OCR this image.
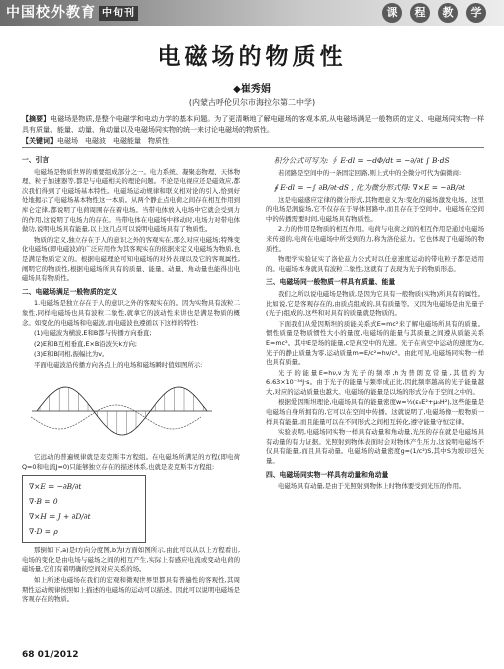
中国校外教育 中旬刊	课	程	教	学
电磁场的物质性
◆崔秀娟
(内蒙古呼伦贝尔市海拉尔第二中学)
【摘要】电磁场是物质,是整个电磁学和电动力学的基本问题。为了更清晰地了解电磁场的客观本质,从电磁场满足一般物质的定义、电磁场同实物一样具有质量、能量、动量、角动量以及电磁场同实物的统一来讨论电磁场的物质性。
【关键词】电磁场　电磁波　电磁能量　物质性
一、引言

电磁场是物质世界的重要组成部分之一。电力系统、凝聚态物理、天体物理、粒子加速器等,都是与电磁相关的理论问题。不论是电视应还是磁效应,都次我们得到了电磁场基本特性。电磁场运动规律和联义相对论的引入,恰到好处地揭示了电磁场基本物性这一本质。从两个静止点电荷之间存在相互作用到库仑定律,都说明了电荷周围存在着电场。当带电体放入电场中它就会受到力的作用,这说明了电场力的存在。当带电体在电磁场中移动时,电场力对带电体做功,说明电场具有能量,以上这几点可以说明电磁场具有了物质性。

物质的定义,独立存在于人的意识之外的客观实在,那么对应电磁场;特殊变化电磁场(即电磁波)的广泛应用作为其客观实在的依据来定义电磁场为物质,也是满足物质定义的。根据电磁理论可知电磁场的对外表现以及它的客观属性,阐明它的物质性,根据电磁场所具有的质量、能量、动量、角动量也能得出电磁场具有物质性。

二、电磁场满足一般物质的定义

1.电磁场是独立存在于人的意识之外的客观实在的。因为实物具有波粒二象性,同样电磁场也具有波粒二象性,就拿它的波动性来讲也是满足物质的概念。如变化的电磁场和电磁波,而电磁波也遵循以下这样的特性:

(1)电磁波为横波,E和B都与传播方向垂直;

(2)E和B互相垂直,E×B沿波矢k方向;

(3)E和B同相,振幅比为v。

平面电磁波沿传播方向各点上的电场和磁场瞬时值如图所示:

它远动的普遍规律就是麦克斯韦方程组。在电磁场所满足的方程(即电荷Q=0和电流J=0)只能够独立存在的描述体系,也就是麦克斯韦方程组:

∇×E = −∂B/∂t
∇·B = 0
∇×H = J + ∂D/∂t
∇·D = ρ

那倒如下,a)是Ⅰ方向分度图,b为Ⅰ方面如图所示,由此可以从以上方程看出,电场的变化是由电场与磁场之间的相互产生,实际上有感应电流或变动电荷的磁场量,它们有着明确的空间对应关系的场。

如上所述电磁场在我们的宏观和微观世界里都具有普遍性的客观性,其周期性运动规律按照如上描述的电磁场的运动可以描述。因此可以说明电磁场是客观存在的物质。

积分公式可写为: ∮ E·dl = −dΦ/dt = −∂/∂t ∫ B·dS

若闭路是空间中的一条固定回路,则上式中的全微分可代为偏微商:

∮ E·dl = −∫ ∂B/∂t·dS , 化为微分形式得: ∇×E = −∂B/∂t

这是电磁感应定律的微分形式,其物理意义为:变化的磁场激发电场。这里的电场是涡旋场,它不仅存在于导体回路中,而且存在于空间中。电磁场在空间中的传播需要时间,电磁场具有物质性。

2.力的作用是物质的相互作用。电荷与电荷之间的相互作用是通过电磁场来传递的,电荷在电磁场中所受到的力,称为洛伦兹力。它也体现了电磁场的物质性。

物理学实验证实了洛伦兹力公式对以任意速度运动的带电粒子都是适用的。电磁场本身就具有波粒二象性,这就有了表现为光子的物质形态。

三、电磁场同一般物质一样具有质量、能量

我们之所以说电磁场是物质,是因为它具有一般物质(实物)所具有的属性。比如说,它是客观存在的,由质点组成的,具有质量等。又因为电磁场是由光量子(光子)组成的,这些和对具有的质量就是物质的。

下面我们从爱因斯坦的质能关系式E=mc²来了解电磁场所具有的质量。惯性质量是物质惯性大小的量度,电磁场的能量与其质量之间遵从质能关系E=mc²。其中E是场的能量,c是真空中的光速。光子在真空中运动的速度为c,光子的静止质量为零,运动质量m=E/c²=hν/c²。由此可见,电磁场同实物一样也具有质量。

光子的能量E=hν,ν为光子的频率,h为普朗克常量,其值约为6.63×10⁻³⁴J·s。由于光子的能量与频率成正比,因此频率越高的光子能量越大,对应的运动质量也越大。电磁场的能量是以场的形式分布于空间之中的。

根据爱因斯坦理论,电磁场具有的能量密度w=½(ε₀E²+μ₀H²),这些能量是电磁场自身所拥有的,它可以在空间中传播。这就说明了,电磁场像一般物质一样具有能量,而且能量可以在不同形式之间相互转化,遵守能量守恒定律。

实验表明,电磁场同实物一样具有动量和角动量,光压的存在就是电磁场具有动量的有力证据。光照射到物体表面时会对物体产生压力,这说明电磁场不仅具有能量,而且具有动量。电磁场的动量密度g=(1/c²)S,其中S为坡印廷矢量。

四、电磁场同实物一样具有动量和角动量

电磁场具有动量,是由于光照射到物体上时物体要受到光压的作用。

68 01/2012
